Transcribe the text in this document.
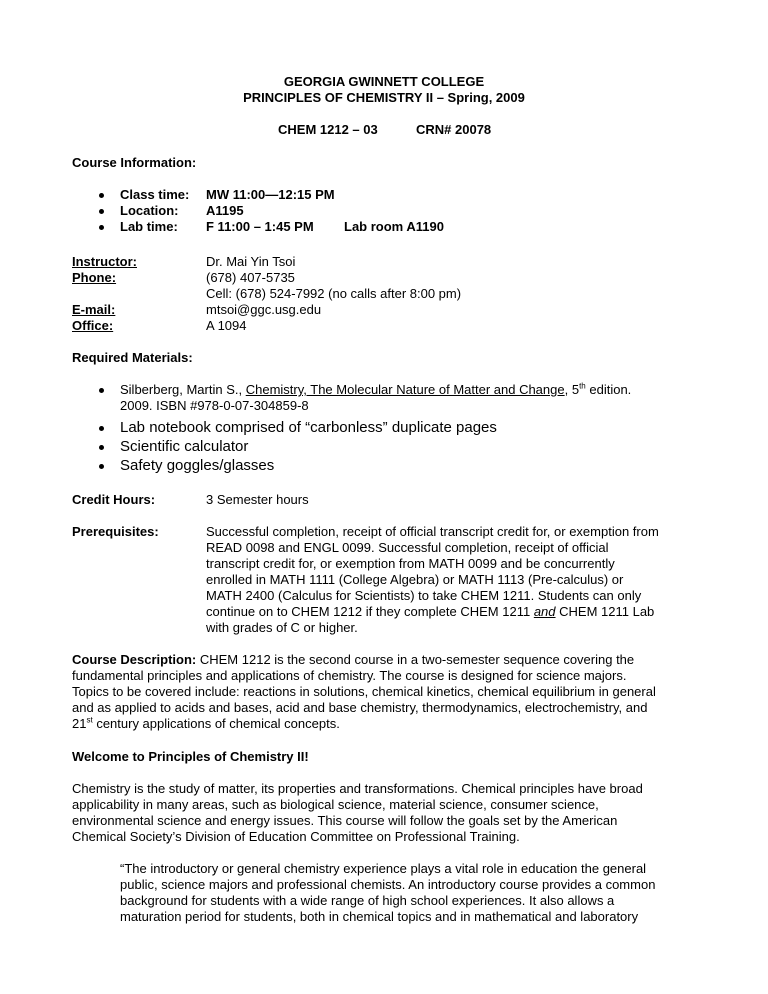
GEORGIA GWINNETT COLLEGE
PRINCIPLES OF CHEMISTRY II – Spring, 2009
CHEM 1212 – 03	CRN# 20078
Course Information:
Class time: MW 11:00—12:15 PM
Location: A1195
Lab time: F 11:00 – 1:45 PM Lab room A1190
Instructor:	Dr. Mai Yin Tsoi
Phone:	(678) 407-5735
Cell: (678) 524-7992 (no calls after 8:00 pm)
E-mail:	mtsoi@ggc.usg.edu
Office:	A 1094
Required Materials:
Silberberg, Martin S., Chemistry, The Molecular Nature of Matter and Change, 5th edition.
2009. ISBN #978-0-07-304859-8
Lab notebook comprised of “carbonless” duplicate pages
Scientific calculator
Safety goggles/glasses
Credit Hours:	3 Semester hours
Prerequisites:	Successful completion, receipt of official transcript credit for, or exemption from
READ 0098 and ENGL 0099. Successful completion, receipt of official
transcript credit for, or exemption from MATH 0099 and be concurrently
enrolled in MATH 1111 (College Algebra) or MATH 1113 (Pre-calculus) or
MATH 2400 (Calculus for Scientists) to take CHEM 1211. Students can only
continue on to CHEM 1212 if they complete CHEM 1211 and CHEM 1211 Lab
with grades of C or higher.
Course Description: CHEM 1212 is the second course in a two-semester sequence covering the
fundamental principles and applications of chemistry. The course is designed for science majors.
Topics to be covered include: reactions in solutions, chemical kinetics, chemical equilibrium in general
and as applied to acids and bases, acid and base chemistry, thermodynamics, electrochemistry, and
21st century applications of chemical concepts.
Welcome to Principles of Chemistry II!
Chemistry is the study of matter, its properties and transformations. Chemical principles have broad
applicability in many areas, such as biological science, material science, consumer science,
environmental science and energy issues. This course will follow the goals set by the American
Chemical Society’s Division of Education Committee on Professional Training.
“The introductory or general chemistry experience plays a vital role in education the general
public, science majors and professional chemists. An introductory course provides a common
background for students with a wide range of high school experiences. It also allows a
maturation period for students, both in chemical topics and in mathematical and laboratory
